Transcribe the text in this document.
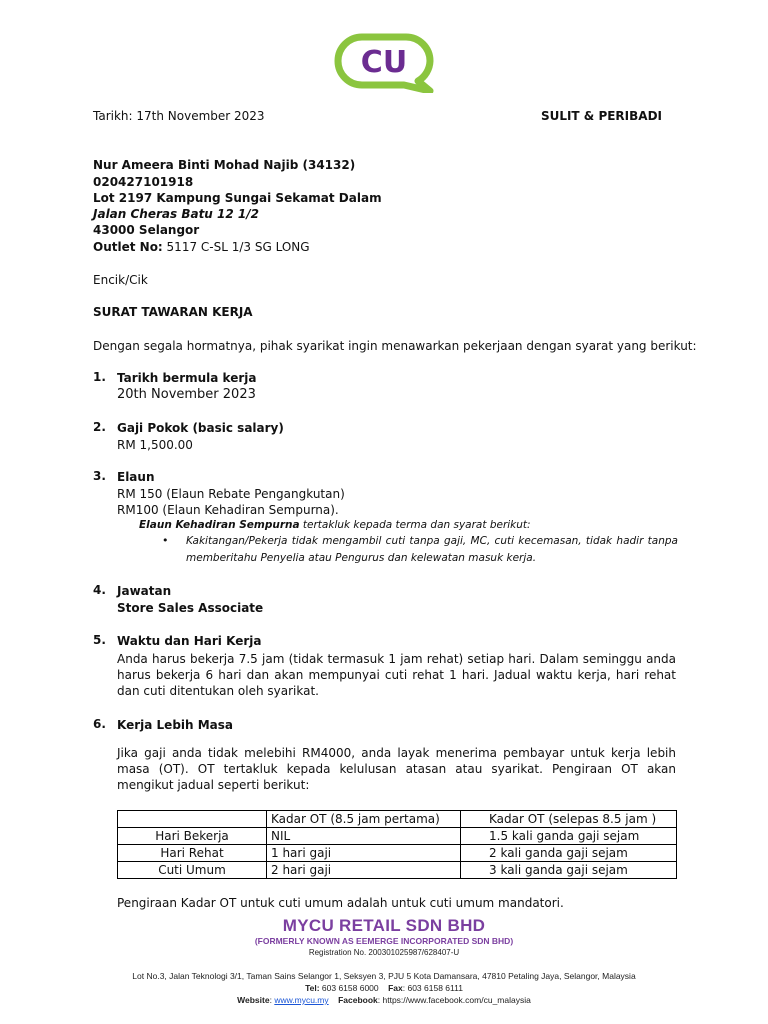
CU
Tarikh: 17th November 2023	SULIT & PERIBADI
Nur Ameera Binti Mohad Najib (34132)
020427101918
Lot 2197 Kampung Sungai Sekamat Dalam
Jalan Cheras Batu 12 1/2
43000 Selangor
Outlet No: 5117 C-SL 1/3 SG LONG
Encik/Cik
SURAT TAWARAN KERJA
Dengan segala hormatnya, pihak syarikat ingin menawarkan pekerjaan dengan syarat yang berikut:
1. Tarikh bermula kerja
20th November 2023
2. Gaji Pokok (basic salary)
RM 1,500.00
3. Elaun
RM 150 (Elaun Rebate Pengangkutan)
RM100 (Elaun Kehadiran Sempurna).
Elaun Kehadiran Sempurna tertakluk kepada terma dan syarat berikut:
• Kakitangan/Pekerja tidak mengambil cuti tanpa gaji, MC, cuti kecemasan, tidak hadir tanpa memberitahu Penyelia atau Pengurus dan kelewatan masuk kerja.
4. Jawatan
Store Sales Associate
5. Waktu dan Hari Kerja
Anda harus bekerja 7.5 jam (tidak termasuk 1 jam rehat) setiap hari. Dalam seminggu anda harus bekerja 6 hari dan akan mempunyai cuti rehat 1 hari. Jadual waktu kerja, hari rehat dan cuti ditentukan oleh syarikat.
6. Kerja Lebih Masa
Jika gaji anda tidak melebihi RM4000, anda layak menerima pembayar untuk kerja lebih masa (OT). OT tertakluk kepada kelulusan atasan atau syarikat. Pengiraan OT akan mengikut jadual seperti berikut:
	Kadar OT (8.5 jam pertama)	Kadar OT (selepas 8.5 jam )
Hari Bekerja	NIL	1.5 kali ganda gaji sejam
Hari Rehat	1 hari gaji	2 kali ganda gaji sejam
Cuti Umum	2 hari gaji	3 kali ganda gaji sejam
Pengiraan Kadar OT untuk cuti umum adalah untuk cuti umum mandatori.
MYCU RETAIL SDN BHD
(FORMERLY KNOWN AS EEMERGE INCORPORATED SDN BHD)
Registration No. 200301025987/628407-U
Lot No.3, Jalan Teknologi 3/1, Taman Sains Selangor 1, Seksyen 3, PJU 5 Kota Damansara, 47810 Petaling Jaya, Selangor, Malaysia
Tel: 603 6158 6000 Fax: 603 6158 6111
Website: www.mycu.my Facebook: https://www.facebook.com/cu_malaysia
